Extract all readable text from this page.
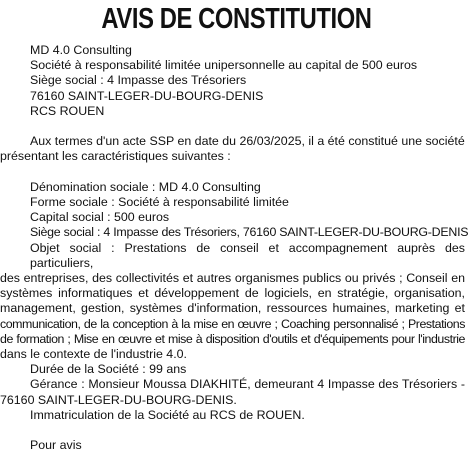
AVIS DE CONSTITUTION
MD 4.0 Consulting
Société à responsabilité limitée unipersonnelle au capital de 500 euros
Siège social : 4 Impasse des Trésoriers
76160 SAINT-LEGER-DU-BOURG-DENIS
RCS ROUEN
Aux termes d'un acte SSP en date du 26/03/2025, il a été constitué une société
présentant les caractéristiques suivantes :
Dénomination sociale : MD 4.0 Consulting
Forme sociale : Société à responsabilité limitée
Capital social : 500 euros
Siège social : 4 Impasse des Trésoriers, 76160 SAINT-LEGER-DU-BOURG-DENIS
Objet social : Prestations de conseil et accompagnement auprès des particuliers,
des entreprises, des collectivités et autres organismes publics ou privés ; Conseil en
systèmes informatiques et développement de logiciels, en stratégie, organisation,
management, gestion, systèmes d'information, ressources humaines, marketing et
communication, de la conception à la mise en œuvre ; Coaching personnalisé ; Prestations
de formation ; Mise en œuvre et mise à disposition d'outils et d'équipements pour l'industrie
dans le contexte de l'industrie 4.0.
Durée de la Société : 99 ans
Gérance : Monsieur Moussa DIAKHITÉ, demeurant 4 Impasse des Trésoriers -
76160 SAINT-LEGER-DU-BOURG-DENIS.
Immatriculation de la Société au RCS de ROUEN.
Pour avis
